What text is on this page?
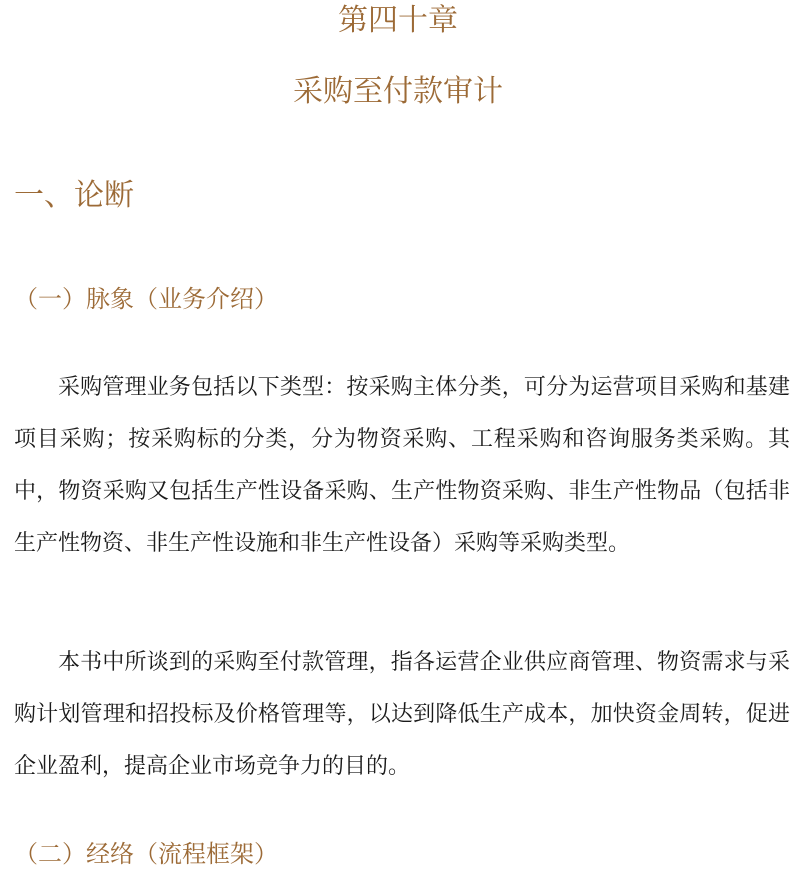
第四十章
采购至付款审计
一、论断
（一）脉象（业务介绍）

采购管理业务包括以下类型：按采购主体分类，可分为运营项目采购和基建项目采购；按采购标的分类，分为物资采购、工程采购和咨询服务类采购。其中，物资采购又包括生产性设备采购、生产性物资采购、非生产性物品（包括非生产性物资、非生产性设施和非生产性设备）采购等采购类型。

本书中所谈到的采购至付款管理，指各运营企业供应商管理、物资需求与采购计划管理和招投标及价格管理等，以达到降低生产成本，加快资金周转，促进企业盈利，提高企业市场竞争力的目的。

（二）经络（流程框架）
